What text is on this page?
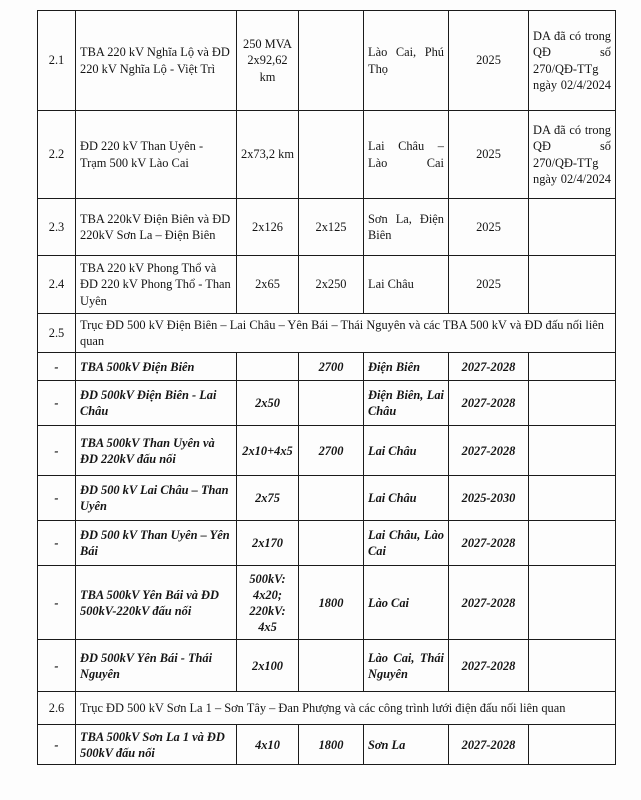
2.1	TBA 220 kV Nghĩa Lộ và ĐD 220 kV Nghĩa Lộ - Việt Trì	250 MVA 2x92,62 km		Lào Cai, Phú Thọ	2025	DA đã có trong QĐ số 270/QĐ-TTg ngày 02/4/2024
2.2	ĐD 220 kV Than Uyên - Trạm 500 kV Lào Cai	2x73,2 km		Lai Châu – Lào Cai	2025	DA đã có trong QĐ số 270/QĐ-TTg ngày 02/4/2024
2.3	TBA 220kV Điện Biên và ĐD 220kV Sơn La – Điện Biên	2x126	2x125	Sơn La, Điện Biên	2025	
2.4	TBA 220 kV Phong Thổ và ĐD 220 kV Phong Thổ - Than Uyên	2x65	2x250	Lai Châu	2025	
2.5	Trục ĐD 500 kV Điện Biên – Lai Châu – Yên Bái – Thái Nguyên và các TBA 500 kV và ĐD đấu nối liên quan					
-	TBA 500kV Điện Biên		2700	Điện Biên	2027-2028	
-	ĐD 500kV Điện Biên - Lai Châu	2x50		Điện Biên, Lai Châu	2027-2028	
-	TBA 500kV Than Uyên và ĐD 220kV đấu nối	2x10+4x5	2700	Lai Châu	2027-2028	
-	ĐD 500 kV Lai Châu – Than Uyên	2x75		Lai Châu	2025-2030	
-	ĐD 500 kV Than Uyên – Yên Bái	2x170		Lai Châu, Lào Cai	2027-2028	
-	TBA 500kV Yên Bái và ĐD 500kV-220kV đấu nối	500kV: 4x20; 220kV: 4x5	1800	Lào Cai	2027-2028	
-	ĐD 500kV Yên Bái - Thái Nguyên	2x100		Lào Cai, Thái Nguyên	2027-2028	
2.6	Trục ĐD 500 kV Sơn La 1 – Sơn Tây – Đan Phượng và các công trình lưới điện đấu nối liên quan					
-	TBA 500kV Sơn La 1 và ĐD 500kV đấu nối	4x10	1800	Sơn La	2027-2028	
